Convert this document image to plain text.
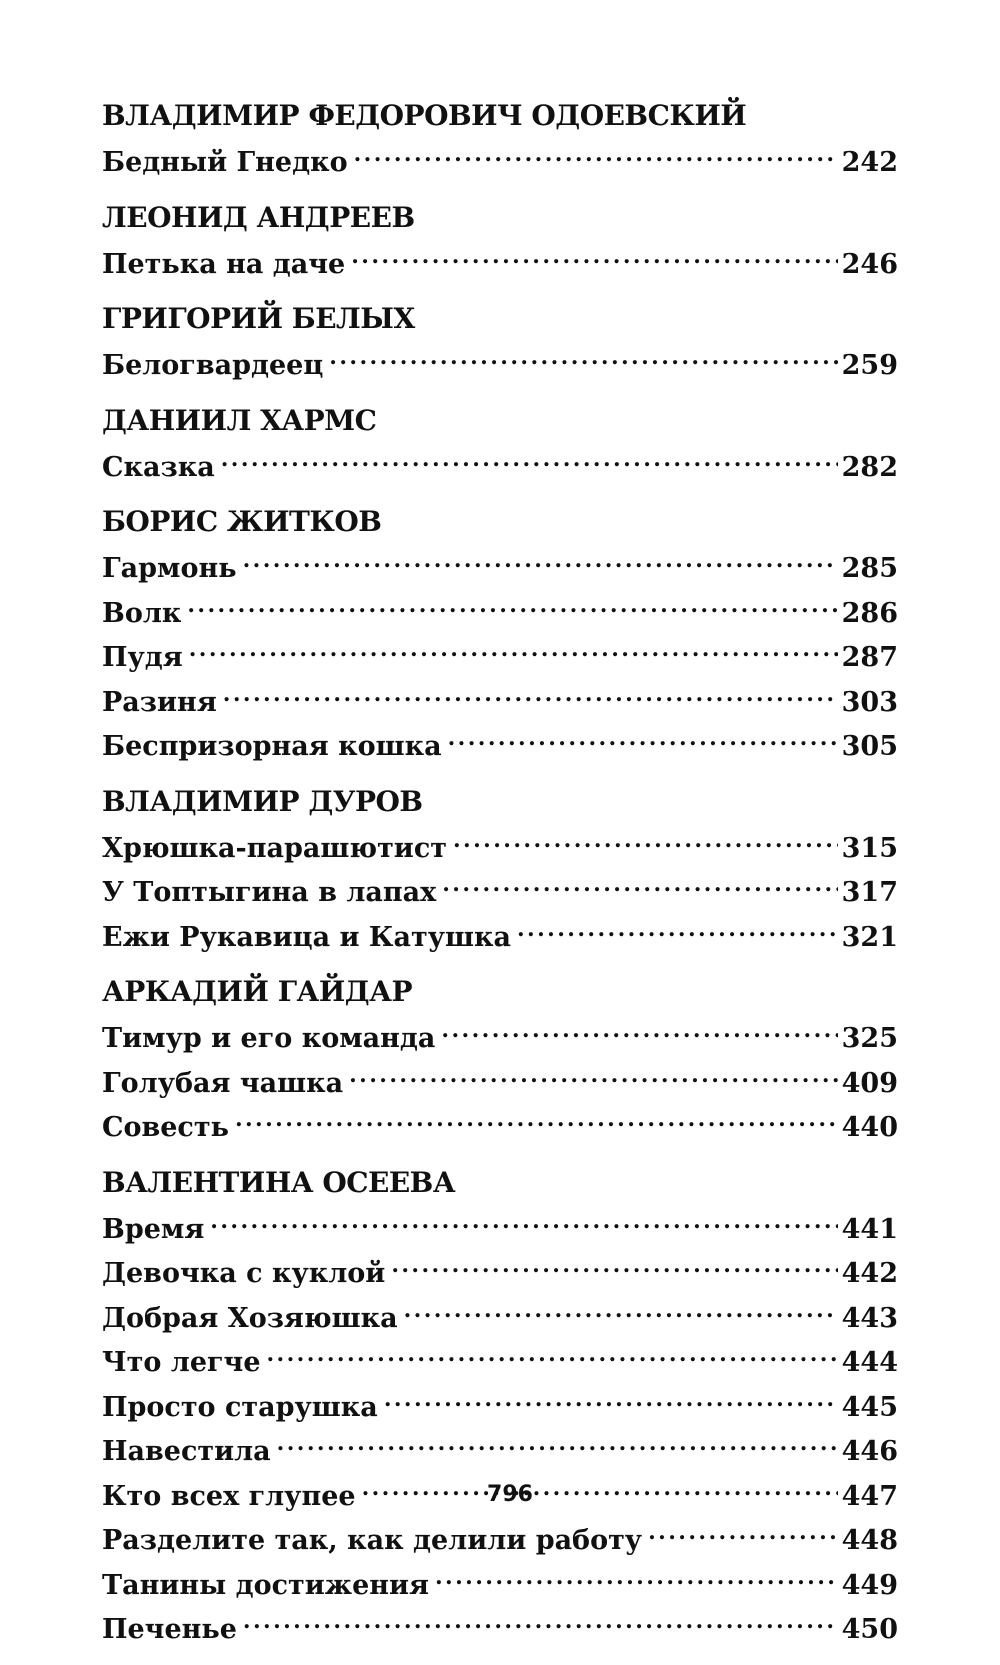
ВЛАДИМИР ФЕДОРОВИЧ ОДОЕВСКИЙ
Бедный Гнедко .....	242
ЛЕОНИД АНДРЕЕВ
Петька на даче .....	246
ГРИГОРИЙ БЕЛЫХ
Белогвардеец .....	259
ДАНИИЛ ХАРМС
Сказка .....	282
БОРИС ЖИТКОВ
Гармонь .....	285
Волк .....	286
Пудя .....	287
Разиня .....	303
Беспризорная кошка .....	305
ВЛАДИМИР ДУРОВ
Хрюшка-парашютист .....	315
У Топтыгина в лапах .....	317
Ежи Рукавица и Катушка .....	321
АРКАДИЙ ГАЙДАР
Тимур и его команда .....	325
Голубая чашка .....	409
Совесть .....	440
ВАЛЕНТИНА ОСЕЕВА
Время .....	441
Девочка с куклой .....	442
Добрая Хозяюшка .....	443
Что легче .....	444
Просто старушка .....	445
Навестила .....	446
Кто всех глупее .....	447
Разделите так, как делили работу .....	448
Танины достижения .....	449
Печенье .....	450
796
